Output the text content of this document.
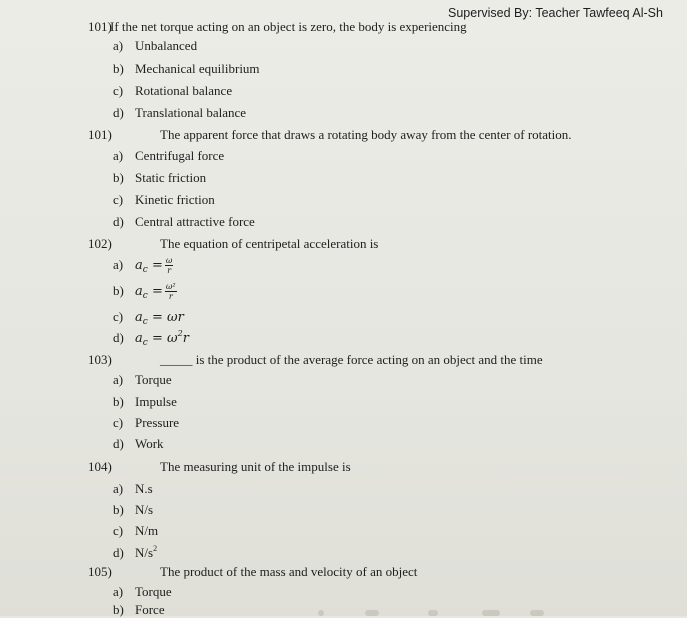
Supervised By: Teacher Tawfeeq Al-Sh
101)
If the net torque acting on an object is zero, the body is experiencing
a) Unbalanced
b) Mechanical equilibrium
c) Rotational balance
d) Translational balance
101)	The apparent force that draws a rotating body away from the center of rotation.
a) Centrifugal force
b) Static friction
c) Kinetic friction
d) Central attractive force
102)	The equation of centripetal acceleration is
a) $a_c = \frac{\omega}{r}$
b) $a_c = \frac{\text{ω²}}{r}$
c) $a_c = \omega r$
d) $a_c = \omega^2r$
103)	_____ is the product of the average force acting on an object and the time
a) Torque
b) Impulse
c) Pressure
d) Work
104)	The measuring unit of the impulse is
a) N.s
b) N/s
c) N/m
d) $N/s^2$
105)	The product of the mass and velocity of an object
a) Torque
b) Force
